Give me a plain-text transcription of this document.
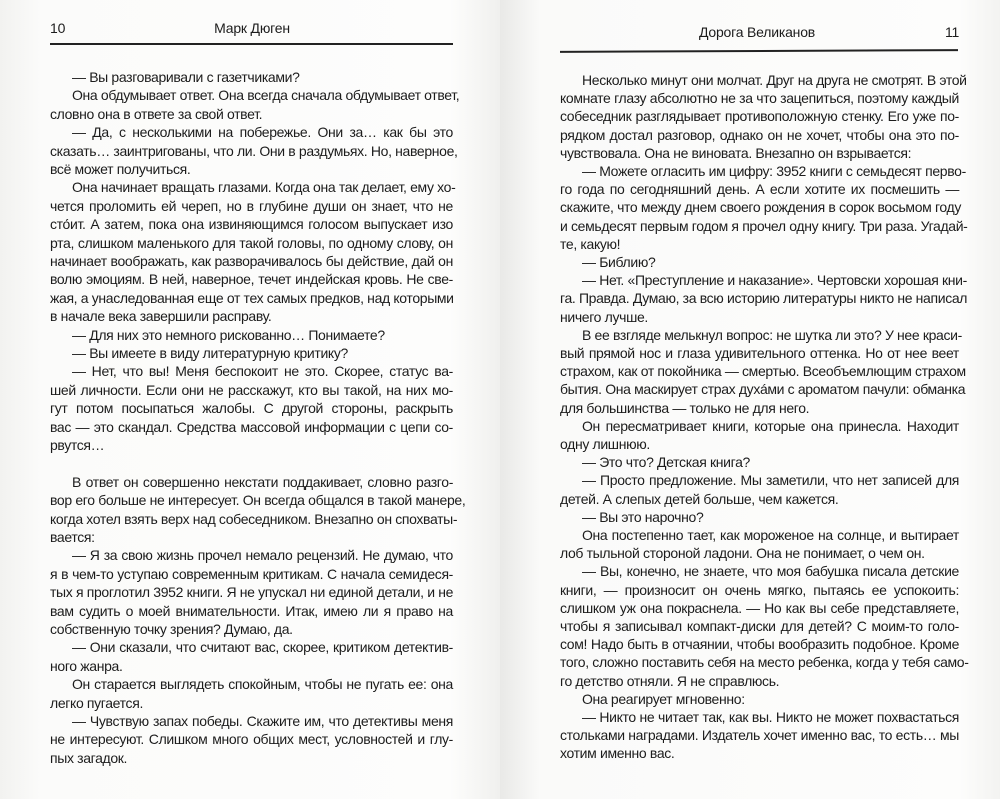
10	Марк Дюген
— Вы разговаривали с газетчиками?
Она обдумывает ответ. Она всегда сначала обдумывает ответ,
словно она в ответе за свой ответ.
— Да, с несколькими на побережье. Они за… как бы это
сказать… заинтригованы, что ли. Они в раздумьях. Но, наверное,
всё может получиться.
Она начинает вращать глазами. Когда она так делает, ему хо-
чется проломить ей череп, но в глубине души он знает, что не
сто́ит. А затем, пока она извиняющимся голосом выпускает изо
рта, слишком маленького для такой головы, по одному слову, он
начинает воображать, как разворачивалось бы действие, дай он
волю эмоциям. В ней, наверное, течет индейская кровь. Не све-
жая, а унаследованная еще от тех самых предков, над которыми
в начале века завершили расправу.
— Для них это немного рискованно… Понимаете?
— Вы имеете в виду литературную критику?
— Нет, что вы! Меня беспокоит не это. Скорее, статус ва-
шей личности. Если они не расскажут, кто вы такой, на них мо-
гут потом посыпаться жалобы. С другой стороны, раскрыть
вас — это скандал. Средства массовой информации с цепи со-
рвутся…
В ответ он совершенно некстати поддакивает, словно разго-
вор его больше не интересует. Он всегда общался в такой манере,
когда хотел взять верх над собеседником. Внезапно он спохваты-
вается:
— Я за свою жизнь прочел немало рецензий. Не думаю, что
я в чем-то уступаю современным критикам. С начала семидеся-
тых я проглотил 3952 книги. Я не упускал ни единой детали, и не
вам судить о моей внимательности. Итак, имею ли я право на
собственную точку зрения? Думаю, да.
— Они сказали, что считают вас, скорее, критиком детектив-
ного жанра.
Он старается выглядеть спокойным, чтобы не пугать ее: она
легко пугается.
— Чувствую запах победы. Скажите им, что детективы меня
не интересуют. Слишком много общих мест, условностей и глу-
пых загадок.
Дорога Великанов	11
Несколько минут они молчат. Друг на друга не смотрят. В этой
комнате глазу абсолютно не за что зацепиться, поэтому каждый
собеседник разглядывает противоположную стенку. Его уже по-
рядком достал разговор, однако он не хочет, чтобы она это по-
чувствовала. Она не виновата. Внезапно он взрывается:
— Можете огласить им цифру: 3952 книги с семьдесят перво-
го года по сегодняшний день. А если хотите их посмешить —
скажите, что между днем своего рождения в сорок восьмом году
и семьдесят первым годом я прочел одну книгу. Три раза. Угадай-
те, какую!
— Библию?
— Нет. «Преступление и наказание». Чертовски хорошая кни-
га. Правда. Думаю, за всю историю литературы никто не написал
ничего лучше.
В ее взгляде мелькнул вопрос: не шутка ли это? У нее краси-
вый прямой нос и глаза удивительного оттенка. Но от нее веет
страхом, как от покойника — смертью. Всеобъемлющим страхом
бытия. Она маскирует страх духáми с ароматом пачули: обманка
для большинства — только не для него.
Он пересматривает книги, которые она принесла. Находит
одну лишнюю.
— Это что? Детская книга?
— Просто предложение. Мы заметили, что нет записей для
детей. А слепых детей больше, чем кажется.
— Вы это нарочно?
Она постепенно тает, как мороженое на солнце, и вытирает
лоб тыльной стороной ладони. Она не понимает, о чем он.
— Вы, конечно, не знаете, что моя бабушка писала детские
книги, — произносит он очень мягко, пытаясь ее успокоить:
слишком уж она покраснела. — Но как вы себе представляете,
чтобы я записывал компакт-диски для детей? С моим-то голо-
сом! Надо быть в отчаянии, чтобы вообразить подобное. Кроме
того, сложно поставить себя на место ребенка, когда у тебя само-
го детство отняли. Я не справлюсь.
Она реагирует мгновенно:
— Никто не читает так, как вы. Никто не может похвастаться
стольками наградами. Издатель хочет именно вас, то есть… мы
хотим именно вас.
